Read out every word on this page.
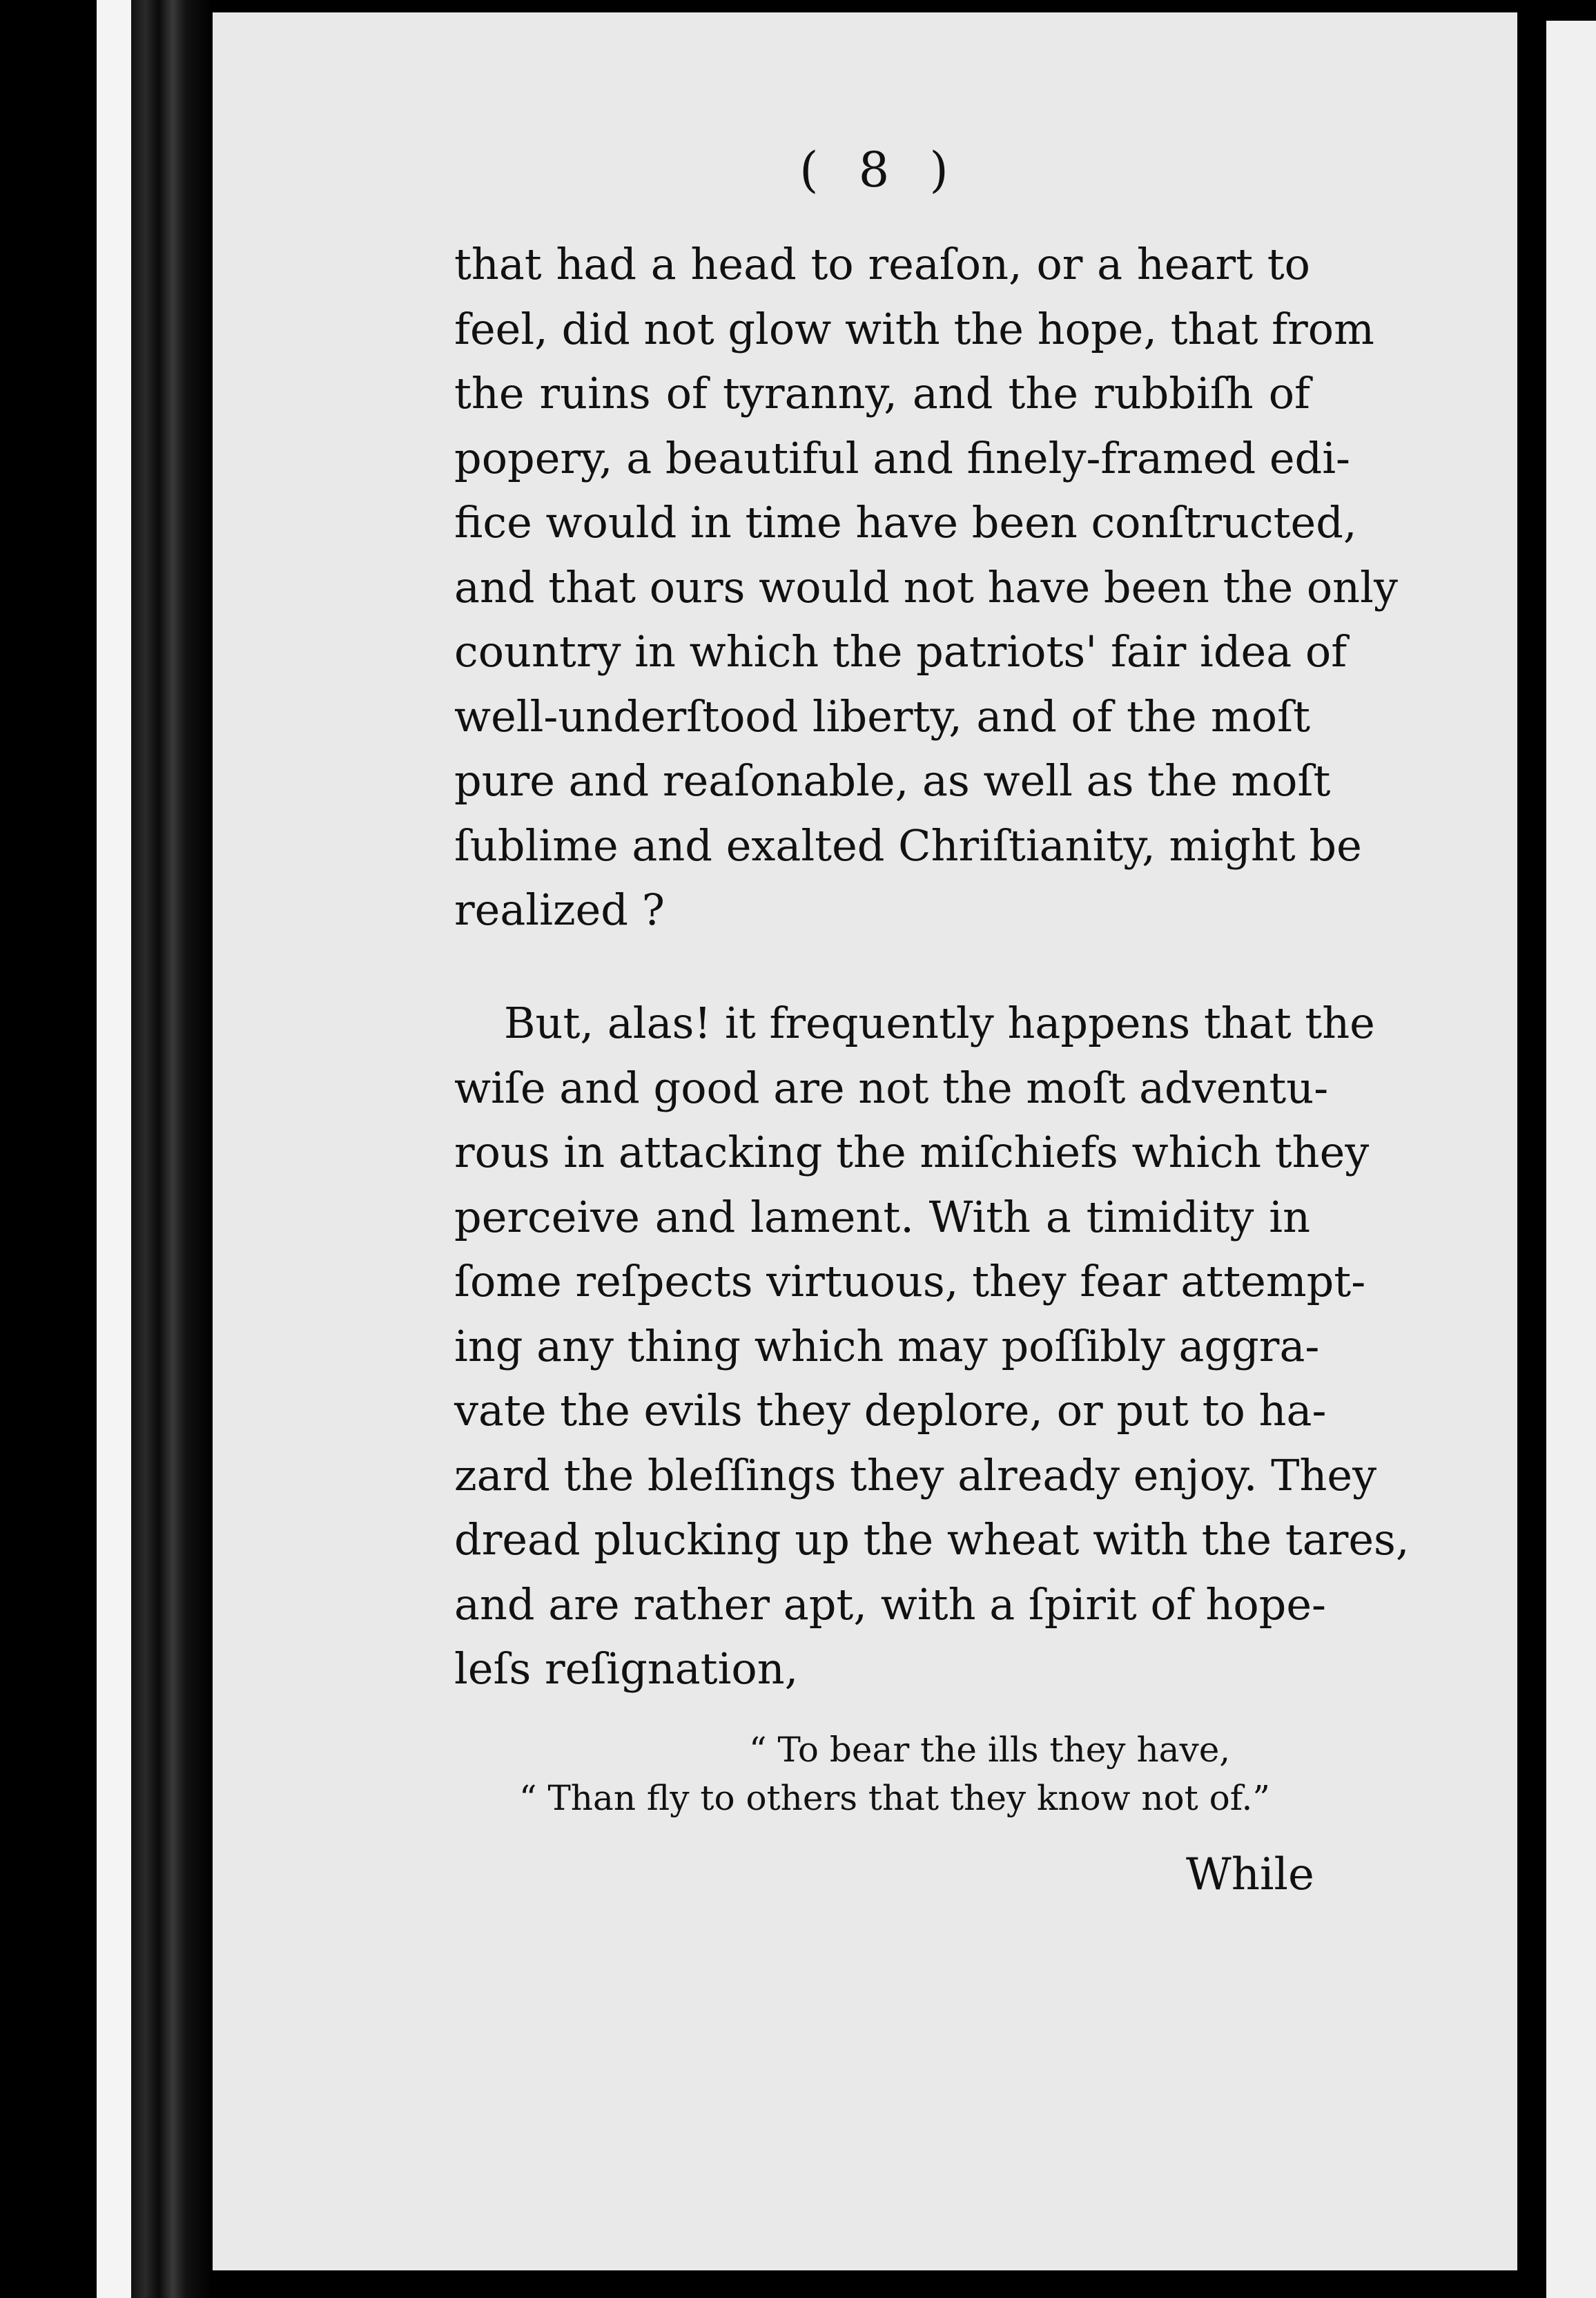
( 8 )
that had a head to reaſon, or a heart to
feel, did not glow with the hope, that from
the ruins of tyranny, and the rubbiſh of
popery, a beautiful and finely-framed edi-
fice would in time have been conſtructed,
and that ours would not have been the only
country in which the patriots' fair idea of
well-underſtood liberty, and of the moſt
pure and reaſonable, as well as the moſt
ſublime and exalted Chriſtianity, might be
realized ?
But, alas! it frequently happens that the
wiſe and good are not the moſt adventu-
rous in attacking the miſchiefs which they
perceive and lament. With a timidity in
ſome reſpects virtuous, they fear attempt-
ing any thing which may poſſibly aggra-
vate the evils they deplore, or put to ha-
zard the bleſſings they already enjoy. They
dread plucking up the wheat with the tares,
and are rather apt, with a ſpirit of hope-
leſs reſignation,
“ To bear the ills they have,
“ Than fly to others that they know not of.”
While
